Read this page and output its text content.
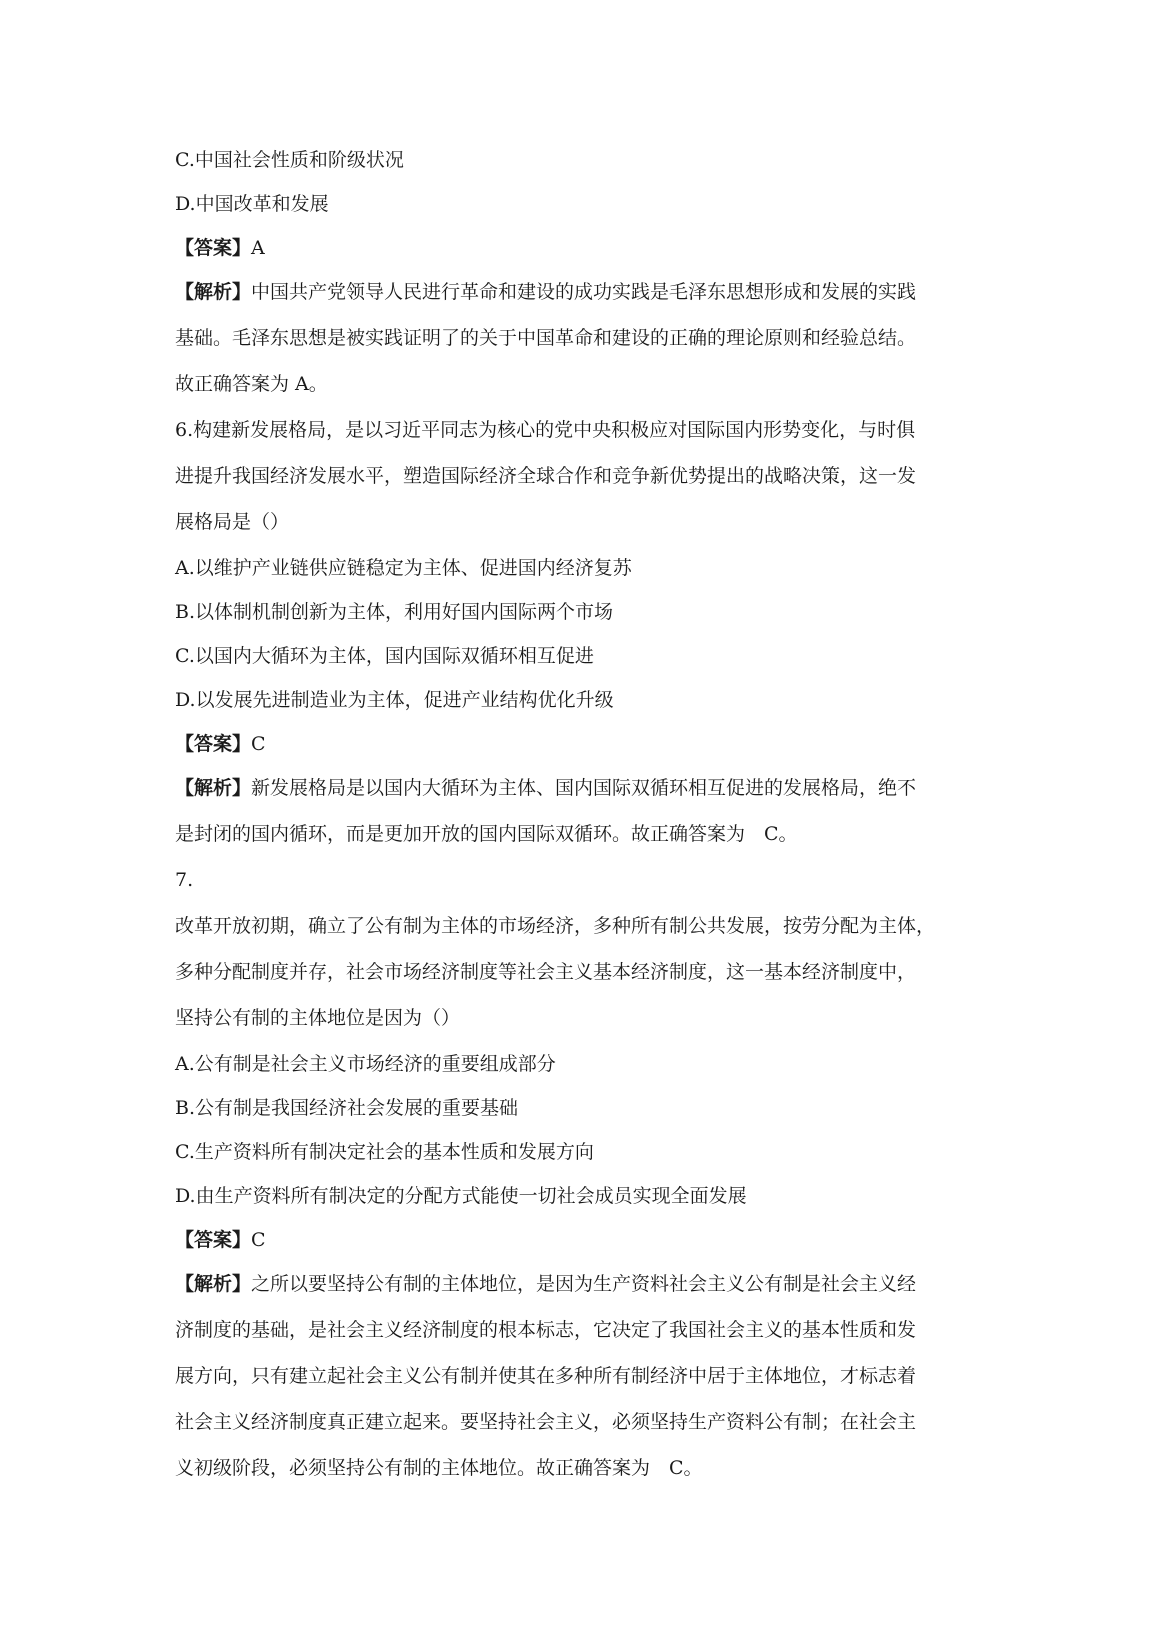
C.中国社会性质和阶级状况
D.中国改革和发展
【答案】A
【解析】中国共产党领导人民进行革命和建设的成功实践是毛泽东思想形成和发展的实践
基础。毛泽东思想是被实践证明了的关于中国革命和建设的正确的理论原则和经验总结。
故正确答案为 A。
6.构建新发展格局，是以习近平同志为核心的党中央积极应对国际国内形势变化，与时俱
进提升我国经济发展水平，塑造国际经济全球合作和竞争新优势提出的战略决策，这一发
展格局是（）
A.以维护产业链供应链稳定为主体、促进国内经济复苏
B.以体制机制创新为主体，利用好国内国际两个市场
C.以国内大循环为主体，国内国际双循环相互促进
D.以发展先进制造业为主体，促进产业结构优化升级
【答案】C
【解析】新发展格局是以国内大循环为主体、国内国际双循环相互促进的发展格局，绝不
是封闭的国内循环，而是更加开放的国内国际双循环。故正确答案为　C。
7.
改革开放初期，确立了公有制为主体的市场经济，多种所有制公共发展，按劳分配为主体，
多种分配制度并存，社会市场经济制度等社会主义基本经济制度，这一基本经济制度中，
坚持公有制的主体地位是因为（）
A.公有制是社会主义市场经济的重要组成部分
B.公有制是我国经济社会发展的重要基础
C.生产资料所有制决定社会的基本性质和发展方向
D.由生产资料所有制决定的分配方式能使一切社会成员实现全面发展
【答案】C
【解析】之所以要坚持公有制的主体地位，是因为生产资料社会主义公有制是社会主义经
济制度的基础，是社会主义经济制度的根本标志，它决定了我国社会主义的基本性质和发
展方向，只有建立起社会主义公有制并使其在多种所有制经济中居于主体地位，才标志着
社会主义经济制度真正建立起来。要坚持社会主义，必须坚持生产资料公有制；在社会主
义初级阶段，必须坚持公有制的主体地位。故正确答案为　C。
